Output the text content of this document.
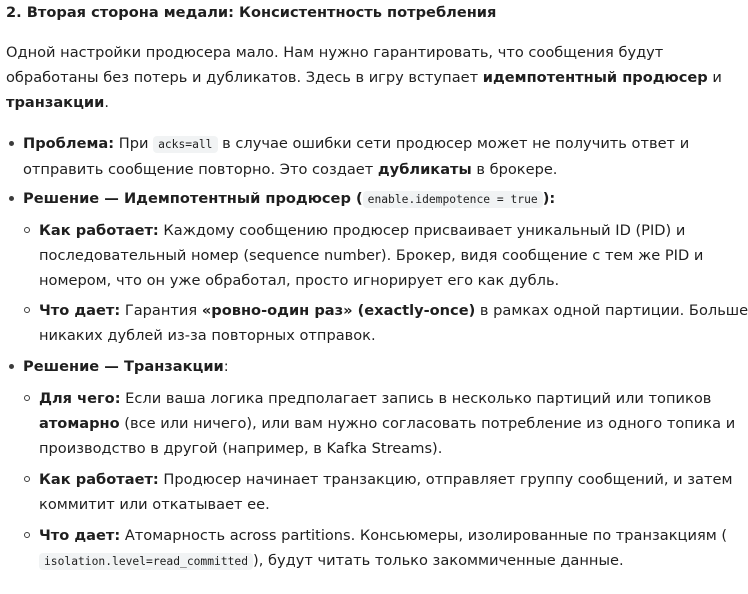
2. Вторая сторона медали: Консистентность потребления
Одной настройки продюсера мало. Нам нужно гарантировать, что сообщения будут
обработаны без потерь и дубликатов. Здесь в игру вступает идемпотентный продюсер и
транзакции.
Проблема: При acks=all в случае ошибки сети продюсер может не получить ответ и
отправить сообщение повторно. Это создает дубликаты в брокере.
Решение — Идемпотентный продюсер ( enable.idempotence = true ):
Как работает: Каждому сообщению продюсер присваивает уникальный ID (PID) и
последовательный номер (sequence number). Брокер, видя сообщение с тем же PID и
номером, что он уже обработал, просто игнорирует его как дубль.
Что дает: Гарантия «ровно-один раз» (exactly-once) в рамках одной партиции. Больше
никаких дублей из-за повторных отправок.
Решение — Транзакции:
Для чего: Если ваша логика предполагает запись в несколько партиций или топиков
атомарно (все или ничего), или вам нужно согласовать потребление из одного топика и
производство в другой (например, в Kafka Streams).
Как работает: Продюсер начинает транзакцию, отправляет группу сообщений, и затем
коммитит или откатывает ее.
Что дает: Атомарность across partitions. Консьюмеры, изолированные по транзакциям (
isolation.level=read_committed ), будут читать только закоммиченные данные.
